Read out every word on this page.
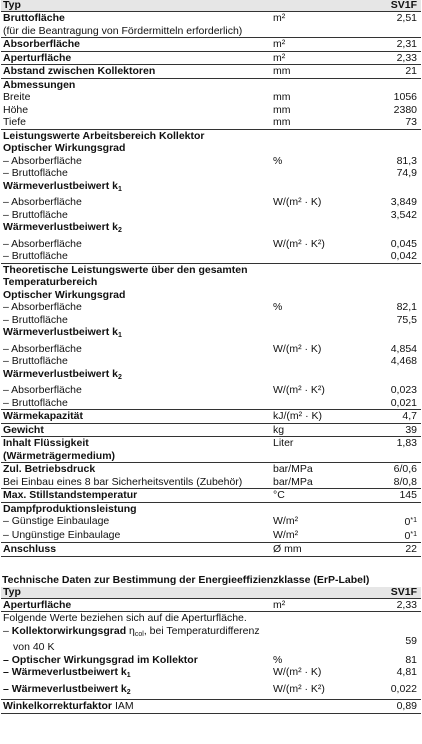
Typ		SV1F
Bruttofläche	m²	2,51
(für die Beantragung von Fördermitteln erforderlich)		
Absorberfläche	m²	2,31
Aperturfläche	m²	2,33
Abstand zwischen Kollektoren	mm	21
Abmessungen		
Breite	mm	1056
Höhe	mm	2380
Tiefe	mm	73
Leistungswerte Arbeitsbereich Kollektor		
Optischer Wirkungsgrad		
– Absorberfläche	%	81,3
– Bruttofläche		74,9
Wärmeverlustbeiwert $k_1$		
– Absorberfläche	W/(m² · K)	3,849
– Bruttofläche		3,542
Wärmeverlustbeiwert $k_2$		
– Absorberfläche	W/(m² · K²)	0,045
– Bruttofläche		0,042
Theoretische Leistungswerte über den gesamten		
Temperaturbereich		
Optischer Wirkungsgrad		
– Absorberfläche	%	82,1
– Bruttofläche		75,5
Wärmeverlustbeiwert $k_1$		
– Absorberfläche	W/(m² · K)	4,854
– Bruttofläche		4,468
Wärmeverlustbeiwert $k_2$		
– Absorberfläche	W/(m² · K²)	0,023
– Bruttofläche		0,021
Wärmekapazität	kJ/(m² · K)	4,7
Gewicht	kg	39
Inhalt Flüssigkeit	Liter	1,83
(Wärmeträgermedium)		
Zul. Betriebsdruck	bar/MPa	6/0,6
Bei Einbau eines 8 bar Sicherheitsventils (Zubehör)	bar/MPa	8/0,8
Max. Stillstandstemperatur	°C	145
Dampfproduktionsleistung		
– Günstige Einbaulage	W/m²	0$^{*1}$
– Ungünstige Einbaulage	W/m²	0$^{*1}$
Anschluss	Ø mm	22
Technische Daten zur Bestimmung der Energieeffizienzklasse (ErP-Label)
Typ		SV1F
Aperturfläche	m²	2,33
Folgende Werte beziehen sich auf die Aperturfläche.		
– Kollektorwirkungsgrad $\eta_{col}$, bei Temperaturdifferenz		
von 40 K		59
– Optischer Wirkungsgrad im Kollektor	%	81
– Wärmeverlustbeiwert $k_1$	W/(m² · K)	4,81
– Wärmeverlustbeiwert $k_2$	W/(m² · K²)	0,022
Winkelkorrekturfaktor IAM		0,89
